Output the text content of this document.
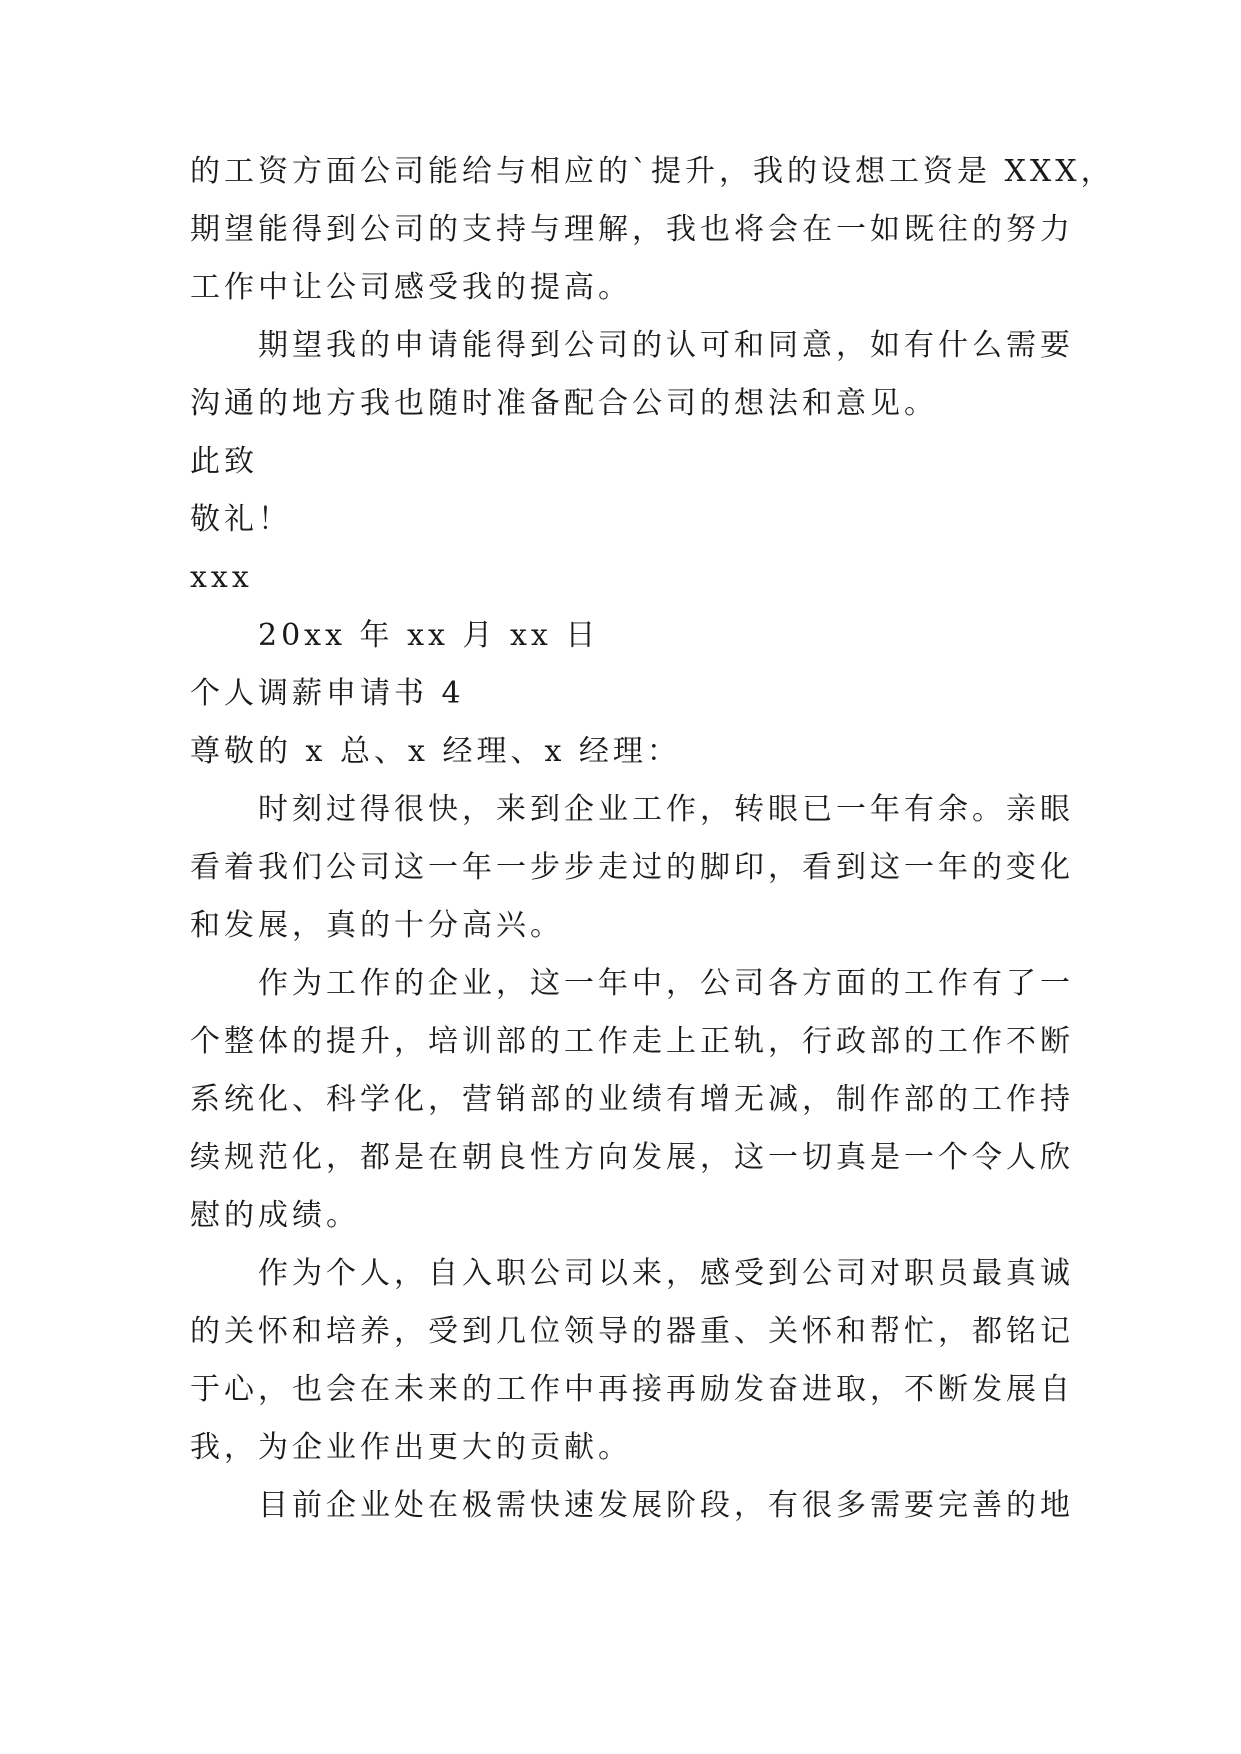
的工资方面公司能给与相应的`提升，我的设想工资是 XXX，
期望能得到公司的支持与理解，我也将会在一如既往的努力
工作中让公司感受我的提高。
期望我的申请能得到公司的认可和同意，如有什么需要
沟通的地方我也随时准备配合公司的想法和意见。
此致
敬礼！
xxx
20xx 年 xx 月 xx 日
个人调薪申请书 4
尊敬的 x 总、x 经理、x 经理：
时刻过得很快，来到企业工作，转眼已一年有余。亲眼
看着我们公司这一年一步步走过的脚印，看到这一年的变化
和发展，真的十分高兴。
作为工作的企业，这一年中，公司各方面的工作有了一
个整体的提升，培训部的工作走上正轨，行政部的工作不断
系统化、科学化，营销部的业绩有增无减，制作部的工作持
续规范化，都是在朝良性方向发展，这一切真是一个令人欣
慰的成绩。
作为个人，自入职公司以来，感受到公司对职员最真诚
的关怀和培养，受到几位领导的器重、关怀和帮忙，都铭记
于心，也会在未来的工作中再接再励发奋进取，不断发展自
我，为企业作出更大的贡献。
目前企业处在极需快速发展阶段，有很多需要完善的地
